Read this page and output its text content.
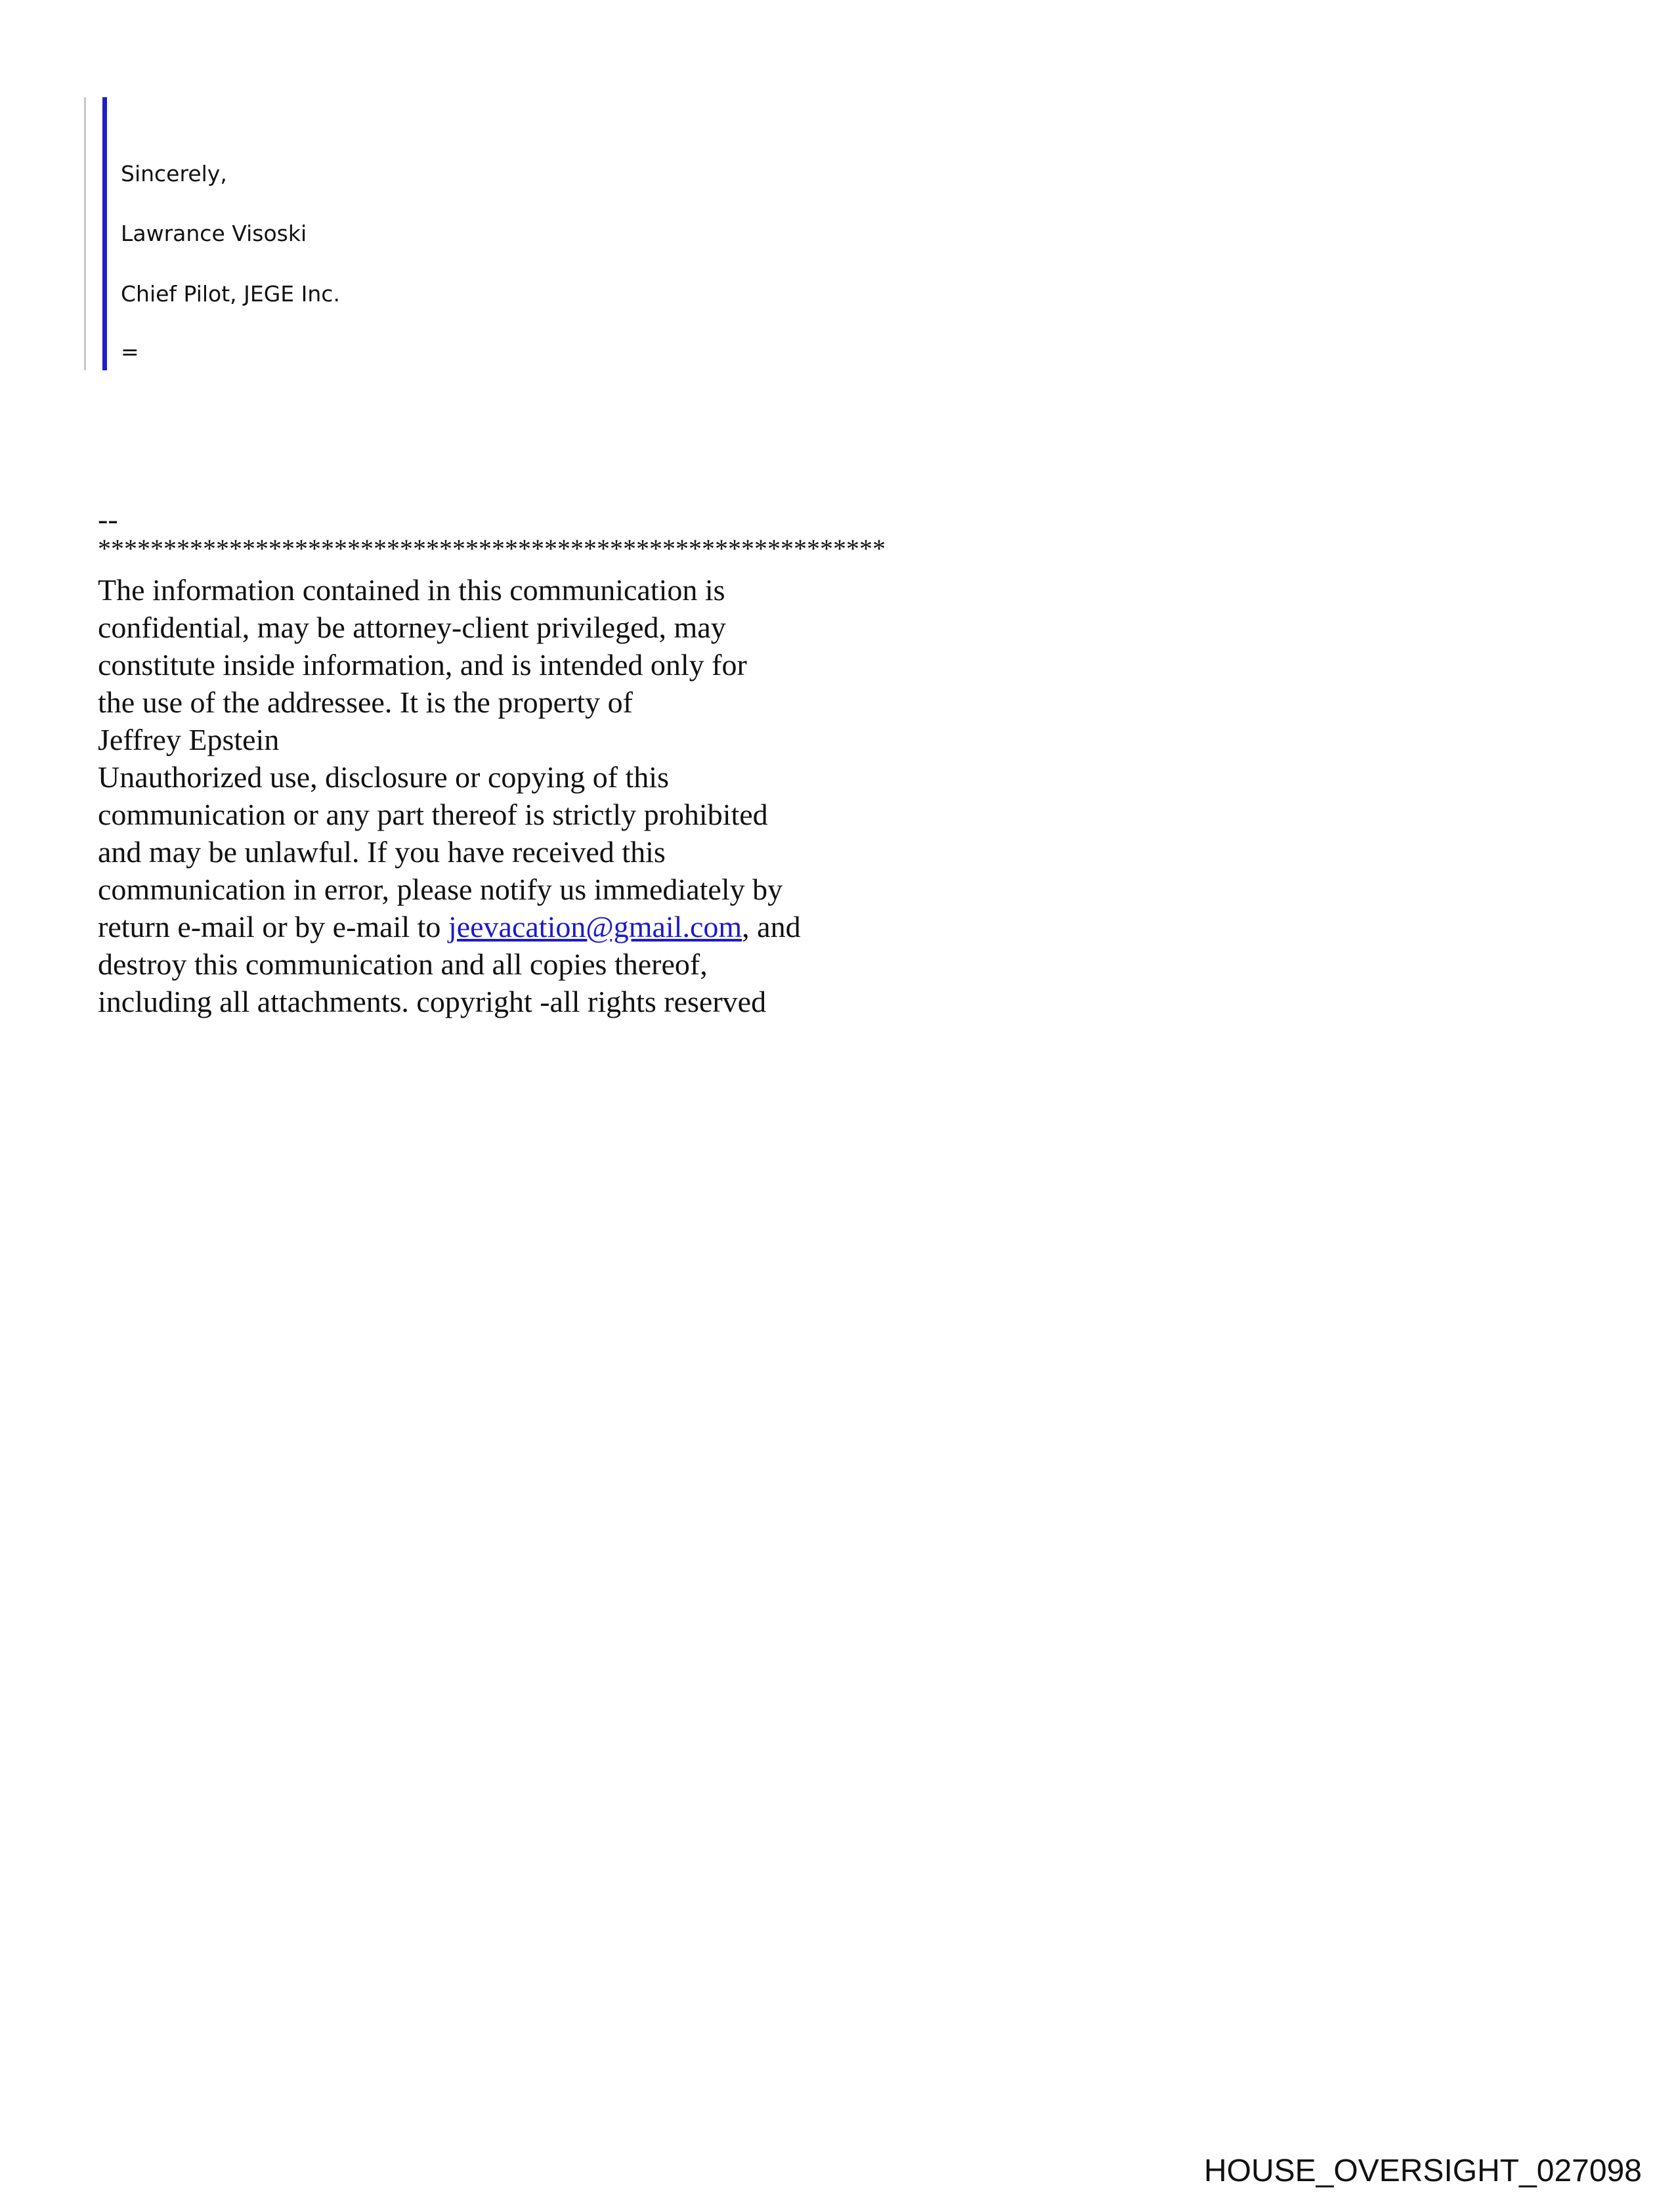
Sincerely,
Lawrance Visoski
Chief Pilot, JEGE Inc.
=
--
************************************************************
The information contained in this communication is
confidential, may be attorney-client privileged, may
constitute inside information, and is intended only for
the use of the addressee. It is the property of
Jeffrey Epstein
Unauthorized use, disclosure or copying of this
communication or any part thereof is strictly prohibited
and may be unlawful. If you have received this
communication in error, please notify us immediately by
return e-mail or by e-mail to jeevacation@gmail.com, and
destroy this communication and all copies thereof,
including all attachments. copyright -all rights reserved
HOUSE_OVERSIGHT_027098
